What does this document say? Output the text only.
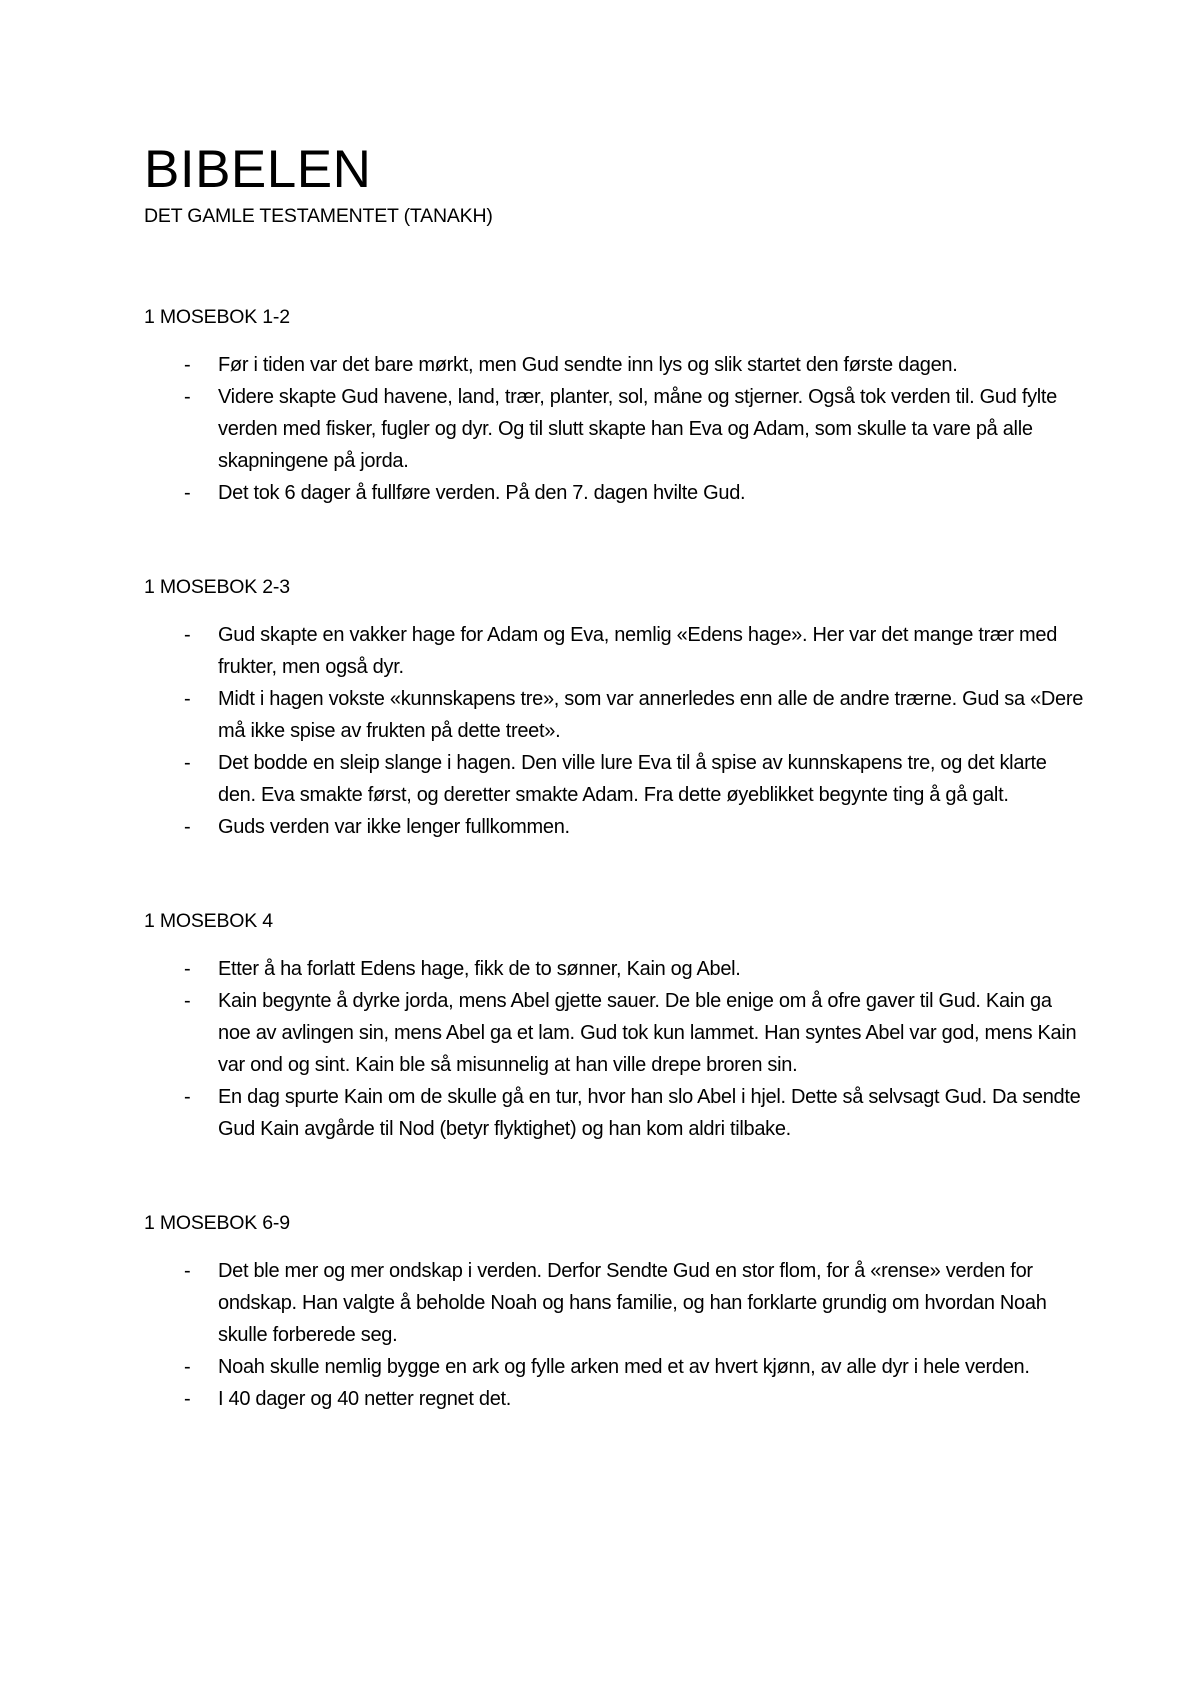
BIBELEN
DET GAMLE TESTAMENTET (TANAKH)
1 MOSEBOK 1-2
- Før i tiden var det bare mørkt, men Gud sendte inn lys og slik startet den første dagen.
- Videre skapte Gud havene, land, trær, planter, sol, måne og stjerner. Også tok verden til. Gud fylte verden med fisker, fugler og dyr. Og til slutt skapte han Eva og Adam, som skulle ta vare på alle skapningene på jorda.
- Det tok 6 dager å fullføre verden. På den 7. dagen hvilte Gud.
1 MOSEBOK 2-3
- Gud skapte en vakker hage for Adam og Eva, nemlig «Edens hage». Her var det mange trær med frukter, men også dyr.
- Midt i hagen vokste «kunnskapens tre», som var annerledes enn alle de andre trærne. Gud sa «Dere må ikke spise av frukten på dette treet».
- Det bodde en sleip slange i hagen. Den ville lure Eva til å spise av kunnskapens tre, og det klarte den. Eva smakte først, og deretter smakte Adam. Fra dette øyeblikket begynte ting å gå galt.
- Guds verden var ikke lenger fullkommen.
1 MOSEBOK 4
- Etter å ha forlatt Edens hage, fikk de to sønner, Kain og Abel.
- Kain begynte å dyrke jorda, mens Abel gjette sauer. De ble enige om å ofre gaver til Gud. Kain ga noe av avlingen sin, mens Abel ga et lam. Gud tok kun lammet. Han syntes Abel var god, mens Kain var ond og sint. Kain ble så misunnelig at han ville drepe broren sin.
- En dag spurte Kain om de skulle gå en tur, hvor han slo Abel i hjel. Dette så selvsagt Gud. Da sendte Gud Kain avgårde til Nod (betyr flyktighet) og han kom aldri tilbake.
1 MOSEBOK 6-9
- Det ble mer og mer ondskap i verden. Derfor Sendte Gud en stor flom, for å «rense» verden for ondskap. Han valgte å beholde Noah og hans familie, og han forklarte grundig om hvordan Noah skulle forberede seg.
- Noah skulle nemlig bygge en ark og fylle arken med et av hvert kjønn, av alle dyr i hele verden.
- I 40 dager og 40 netter regnet det.
